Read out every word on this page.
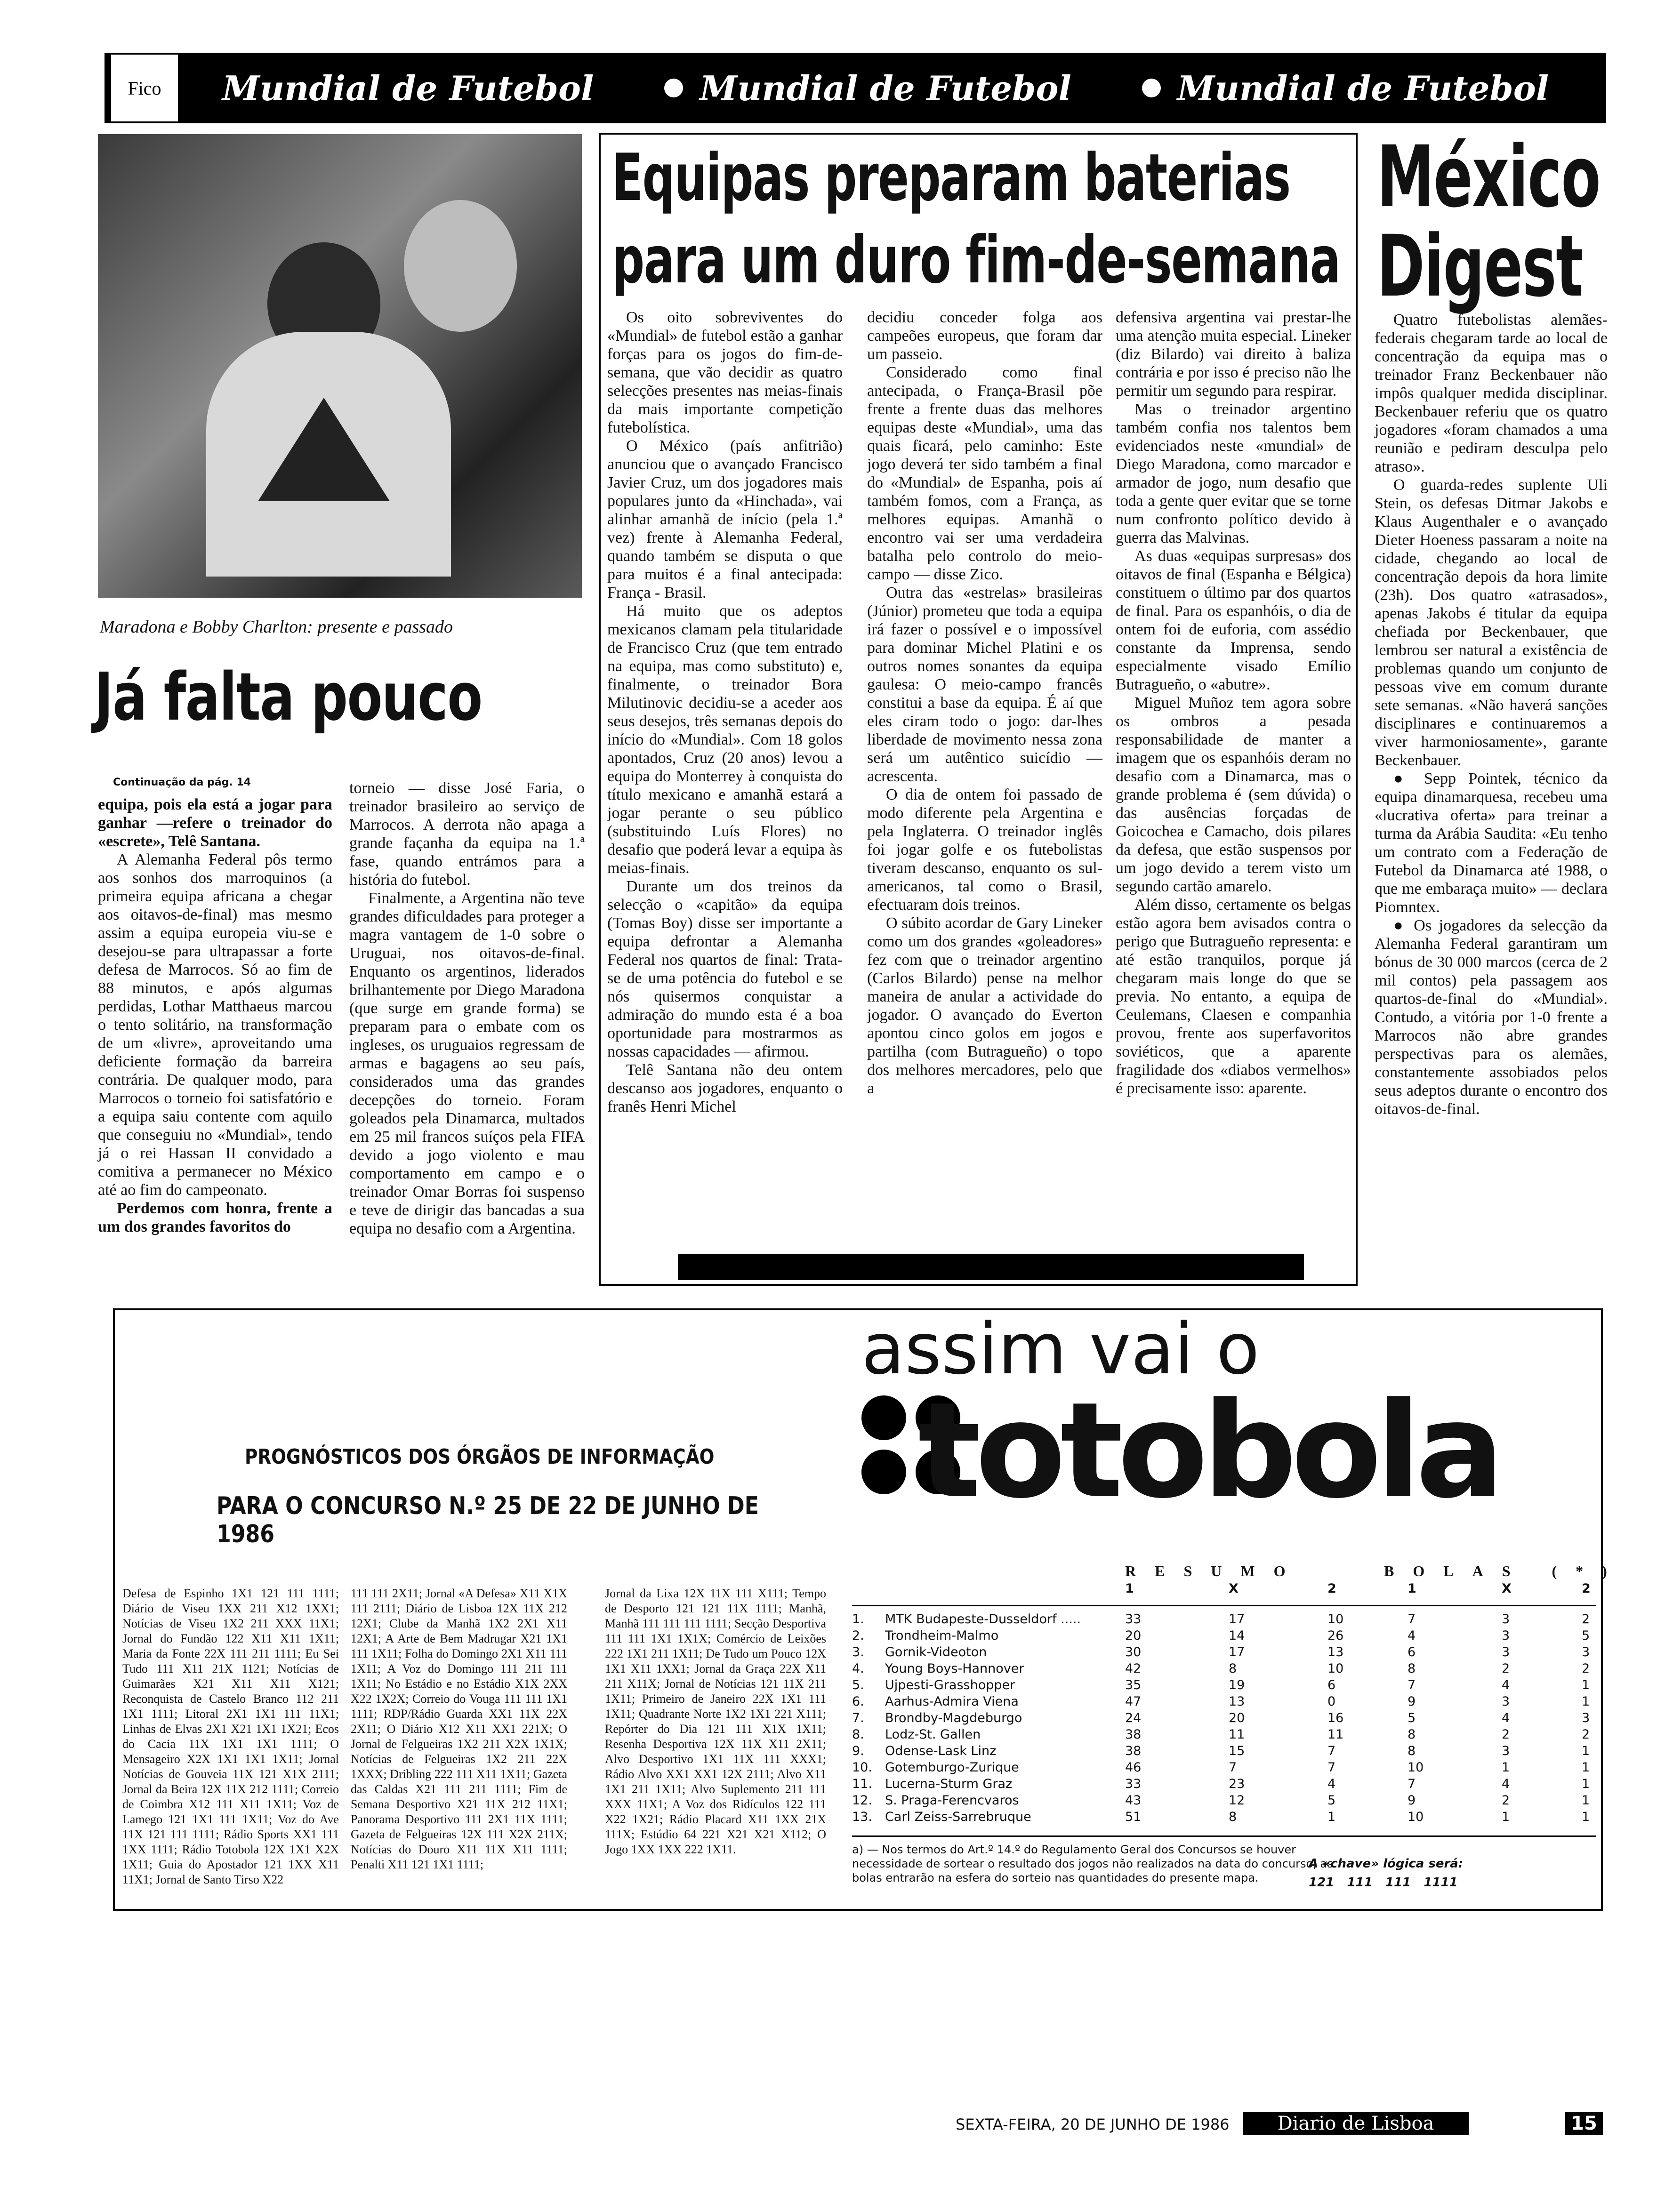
Fico Mundial de Futebol	Mundial de Futebol	Mundial de Futebol
Maradona e Bobby Charlton: presente e passado
Já falta pouco
Continuação da pág. 14

equipa, pois ela está a jogar para ganhar —refere o treinador do «escrete», Telê Santana.

A Alemanha Federal pôs termo aos sonhos dos marroquinos (a primeira equipa africana a chegar aos oitavos-de-final) mas mesmo assim a equipa europeia viu-se e desejou-se para ultrapassar a forte defesa de Marrocos. Só ao fim de 88 minutos, e após algumas perdidas, Lothar Matthaeus marcou o tento solitário, na transformação de um «livre», aproveitando uma deficiente formação da barreira contrária. De qualquer modo, para Marrocos o torneio foi satisfatório e a equipa saiu contente com aquilo que conseguiu no «Mundial», tendo já o rei Hassan II convidado a comitiva a permanecer no México até ao fim do campeonato.

Perdemos com honra, frente a um dos grandes favoritos do

torneio — disse José Faria, o treinador brasileiro ao serviço de Marrocos. A derrota não apaga a grande façanha da equipa na 1.ª fase, quando entrámos para a história do futebol.

Finalmente, a Argentina não teve grandes dificuldades para proteger a magra vantagem de 1-0 sobre o Uruguai, nos oitavos-de-final. Enquanto os argentinos, liderados brilhantemente por Diego Maradona (que surge em grande forma) se preparam para o embate com os ingleses, os uruguaios regressam de armas e bagagens ao seu país, considerados uma das grandes decepções do torneio. Foram goleados pela Dinamarca, multados em 25 mil francos suíços pela FIFA devido a jogo violento e mau comportamento em campo e o treinador Omar Borras foi suspenso e teve de dirigir das bancadas a sua equipa no desafio com a Argentina.

Equipas preparam baterias para um duro fim-de-semana

Os oito sobreviventes do «Mundial» de futebol estão a ganhar forças para os jogos do fim-de-semana, que vão decidir as quatro selecções presentes nas meias-finais da mais importante competição futebolística.

O México (país anfitrião) anunciou que o avançado Francisco Javier Cruz, um dos jogadores mais populares junto da «Hinchada», vai alinhar amanhã de início (pela 1.ª vez) frente à Alemanha Federal, quando também se disputa o que para muitos é a final antecipada: França - Brasil.

Há muito que os adeptos mexicanos clamam pela titularidade de Francisco Cruz (que tem entrado na equipa, mas como substituto) e, finalmente, o treinador Bora Milutinovic decidiu-se a aceder aos seus desejos, três semanas depois do início do «Mundial». Com 18 golos apontados, Cruz (20 anos) levou a equipa do Monterrey à conquista do título mexicano e amanhã estará a jogar perante o seu público (substituindo Luís Flores) no desafio que poderá levar a equipa às meias-finais.

Durante um dos treinos da selecção o «capitão» da equipa (Tomas Boy) disse ser importante a equipa defrontar a Alemanha Federal nos quartos de final: Trata-se de uma potência do futebol e se nós quisermos conquistar a admiração do mundo esta é a boa oportunidade para mostrarmos as nossas capacidades — afirmou.

Telê Santana não deu ontem descanso aos jogadores, enquanto o franês Henri Michel

decidiu conceder folga aos campeões europeus, que foram dar um passeio.

Considerado como final antecipada, o França-Brasil põe frente a frente duas das melhores equipas deste «Mundial», uma das quais ficará, pelo caminho: Este jogo deverá ter sido também a final do «Mundial» de Espanha, pois aí também fomos, com a França, as melhores equipas. Amanhã o encontro vai ser uma verdadeira batalha pelo controlo do meio-campo — disse Zico.

Outra das «estrelas» brasileiras (Júnior) prometeu que toda a equipa irá fazer o possível e o impossível para dominar Michel Platini e os outros nomes sonantes da equipa gaulesa: O meio-campo francês constitui a base da equipa. É aí que eles ciram todo o jogo: dar-lhes liberdade de movimento nessa zona será um autêntico suicídio — acrescenta.

O dia de ontem foi passado de modo diferente pela Argentina e pela Inglaterra. O treinador inglês foi jogar golfe e os futebolistas tiveram descanso, enquanto os sul-americanos, tal como o Brasil, efectuaram dois treinos.

O súbito acordar de Gary Lineker como um dos grandes «goleadores» fez com que o treinador argentino (Carlos Bilardo) pense na melhor maneira de anular a actividade do jogador. O avançado do Everton apontou cinco golos em jogos e partilha (com Butragueño) o topo dos melhores mercadores, pelo que a

defensiva argentina vai prestar-lhe uma atenção muita especial. Lineker (diz Bilardo) vai direito à baliza contrária e por isso é preciso não lhe permitir um segundo para respirar.

Mas o treinador argentino também confia nos talentos bem evidenciados neste «mundial» de Diego Maradona, como marcador e armador de jogo, num desafio que toda a gente quer evitar que se torne num confronto político devido à guerra das Malvinas.

As duas «equipas surpresas» dos oitavos de final (Espanha e Bélgica) constituem o último par dos quartos de final. Para os espanhóis, o dia de ontem foi de euforia, com assédio constante da Imprensa, sendo especialmente visado Emílio Butragueño, o «abutre».

Miguel Muñoz tem agora sobre os ombros a pesada responsabilidade de manter a imagem que os espanhóis deram no desafio com a Dinamarca, mas o grande problema é (sem dúvida) o das ausências forçadas de Goicochea e Camacho, dois pilares da defesa, que estão suspensos por um jogo devido a terem visto um segundo cartão amarelo.

Além disso, certamente os belgas estão agora bem avisados contra o perigo que Butragueño representa: e até estão tranquilos, porque já chegaram mais longe do que se previa. No entanto, a equipa de Ceulemans, Claesen e companhia provou, frente aos superfavoritos soviéticos, que a aparente fragilidade dos «diabos vermelhos» é precisamente isso: aparente.

México Digest

Quatro futebolistas alemães-federais chegaram tarde ao local de concentração da equipa mas o treinador Franz Beckenbauer não impôs qualquer medida disciplinar. Beckenbauer referiu que os quatro jogadores «foram chamados a uma reunião e pediram desculpa pelo atraso».

O guarda-redes suplente Uli Stein, os defesas Ditmar Jakobs e Klaus Augenthaler e o avançado Dieter Hoeness passaram a noite na cidade, chegando ao local de concentração depois da hora limite (23h). Dos quatro «atrasados», apenas Jakobs é titular da equipa chefiada por Beckenbauer, que lembrou ser natural a existência de problemas quando um conjunto de pessoas vive em comum durante sete semanas. «Não haverá sanções disciplinares e continuaremos a viver harmoniosamente», garante Beckenbauer.

● Sepp Pointek, técnico da equipa dinamarquesa, recebeu uma «lucrativa oferta» para treinar a turma da Arábia Saudita: «Eu tenho um contrato com a Federação de Futebol da Dinamarca até 1988, o que me embaraça muito» — declara Piomntex.

● Os jogadores da selecção da Alemanha Federal garantiram um bónus de 30 000 marcos (cerca de 2 mil contos) pela passagem aos quartos-de-final do «Mundial». Contudo, a vitória por 1-0 frente a Marrocos não abre grandes perspectivas para os alemães, constantemente assobiados pelos seus adeptos durante o encontro dos oitavos-de-final.

assim vai o
totobola
PROGNÓSTICOS DOS ÓRGÃOS DE INFORMAÇÃO
PARA O CONCURSO N.º 25 DE 22 DE JUNHO DE 1986
Defesa de Espinho 1X1 121 111 1111; Diário de Viseu 1XX 211 X12 1XX1; Notícias de Viseu 1X2 211 XXX 11X1; Jornal do Fundão 122 X11 X11 1X11; Maria da Fonte 22X 111 211 1111; Eu Sei Tudo 111 X11 21X 1121; Notícias de Guimarães X21 X11 X11 X121; Reconquista de Castelo Branco 112 211 1X1 1111; Litoral 2X1 1X1 111 11X1; Linhas de Elvas 2X1 X21 1X1 1X21; Ecos do Cacia 11X 1X1 1X1 1111; O Mensageiro X2X 1X1 1X1 1X11; Jornal Notícias de Gouveia 11X 121 X1X 2111; Jornal da Beira 12X 11X 212 1111; Correio de Coimbra X12 111 X11 1X11; Voz de Lamego 121 1X1 111 1X11; Voz do Ave 11X 121 111 1111; Rádio Sports XX1 111 1XX 1111; Rádio Totobola 12X 1X1 X2X 1X11; Guia do Apostador 121 1XX X11 11X1; Jornal de Santo Tirso X22
111 111 2X11; Jornal «A Defesa» X11 X1X 111 2111; Diário de Lisboa 12X 11X 212 12X1; Clube da Manhã 1X2 2X1 X11 12X1; A Arte de Bem Madrugar X21 1X1 111 1X11; Folha do Domingo 2X1 X11 111 1X11; A Voz do Domingo 111 211 111 1X11; No Estádio e no Estádio X1X 2XX X22 1X2X; Correio do Vouga 111 111 1X1 1111; RDP/Rádio Guarda XX1 11X 22X 2X11; O Diário X12 X11 XX1 221X; O Jornal de Felgueiras 1X2 211 X2X 1X1X; Notícias de Felgueiras 1X2 211 22X 1XXX; Dribling 222 111 X11 1X11; Gazeta das Caldas X21 111 211 1111; Fim de Semana Desportivo X21 11X 212 11X1; Panorama Desportivo 111 2X1 11X 1111; Gazeta de Felgueiras 12X 111 X2X 211X; Notícias do Douro X11 11X X11 1111; Penalti X11 121 1X1 1111;
Jornal da Lixa 12X 11X 111 X111; Tempo de Desporto 121 121 11X 1111; Manhã, Manhã 111 111 111 1111; Secção Desportiva 111 111 1X1 1X1X; Comércio de Leixões 222 1X1 211 1X11; De Tudo um Pouco 12X 1X1 X11 1XX1; Jornal da Graça 22X X11 211 X11X; Jornal de Notícias 121 11X 211 1X11; Primeiro de Janeiro 22X 1X1 111 1X11; Quadrante Norte 1X2 1X1 221 X111; Repórter do Dia 121 111 X1X 1X11; Resenha Desportiva 12X 11X X11 2X11; Alvo Desportivo 1X1 11X 111 XXX1; Rádio Alvo XX1 XX1 12X 2111; Alvo X11 1X1 211 1X11; Alvo Suplemento 211 111 XXX 11X1; A Voz dos Ridículos 122 111 X22 1X21; Rádio Placard X11 1XX 21X 111X; Estúdio 64 221 X21 X21 X112; O Jogo 1XX 1XX 222 1X11.
RESUMO	BOLAS (*)
1	X	2	1	X	2
1. MTK Budapeste-Dusseldorf .....	33	17	10	7	3	2
2. Trondheim-Malmo	20	14	26	4	3	5
3. Gornik-Videoton	30	17	13	6	3	3
4. Young Boys-Hannover	42	8	10	8	2	2
5. Ujpesti-Grasshopper	35	19	6	7	4	1
6. Aarhus-Admira Viena	47	13	0	9	3	1
7. Brondby-Magdeburgo	24	20	16	5	4	3
8. Lodz-St. Gallen	38	11	11	8	2	2
9. Odense-Lask Linz	38	15	7	8	3	1
10. Gotemburgo-Zurique	46	7	7	10	1	1
11. Lucerna-Sturm Graz	33	23	4	7	4	1
12. S. Praga-Ferencvaros	43	12	5	9	2	1
13. Carl Zeiss-Sarrebruque	51	8	1	10	1	1
a) — Nos termos do Art.º 14.º do Regulamento Geral dos Concursos se houver necessidade de sortear o resultado dos jogos não realizados na data do concurso, as bolas entrarão na esfera do sorteio nas quantidades do presente mapa.
A «chave» lógica será:
121   111   111   1111
SEXTA-FEIRA, 20 DE JUNHO DE 1986	Diario de Lisboa	15
